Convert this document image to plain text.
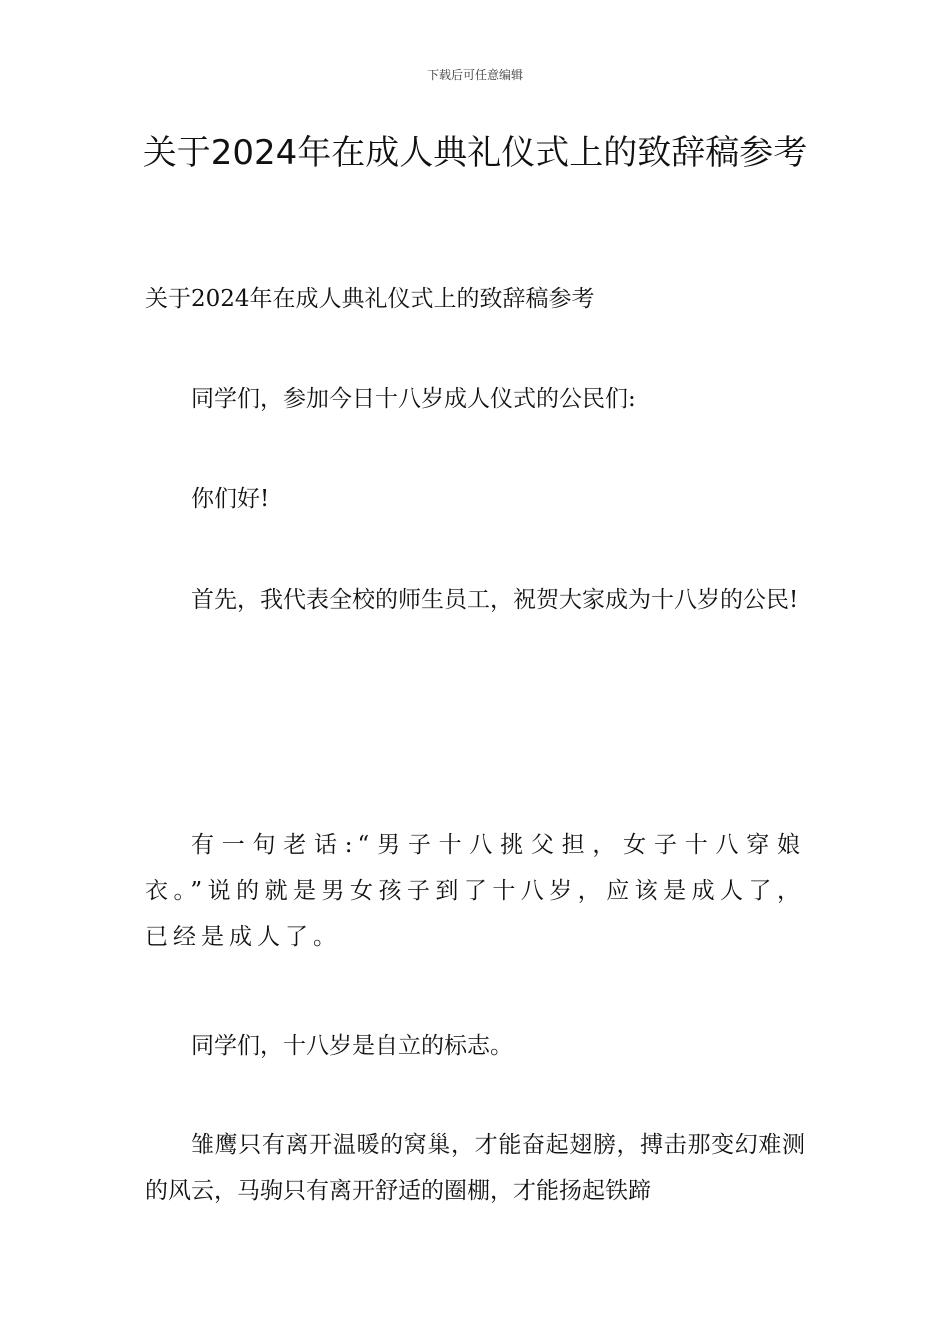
下载后可任意编辑
关于2024年在成人典礼仪式上的致辞稿参考

关于2024年在成人典礼仪式上的致辞稿参考

同学们，参加今日十八岁成人仪式的公民们:

你们好!

首先，我代表全校的师生员工，祝贺大家成为十八岁的公民!

有一句老话:“男子十八挑父担，女子十八穿娘衣。”说的就是男女孩子到了十八岁，应该是成人了，已经是成人了。

同学们，十八岁是自立的标志。

雏鹰只有离开温暖的窝巢，才能奋起翅膀，搏击那变幻难测的风云，马驹只有离开舒适的圈棚，才能扬起铁蹄
